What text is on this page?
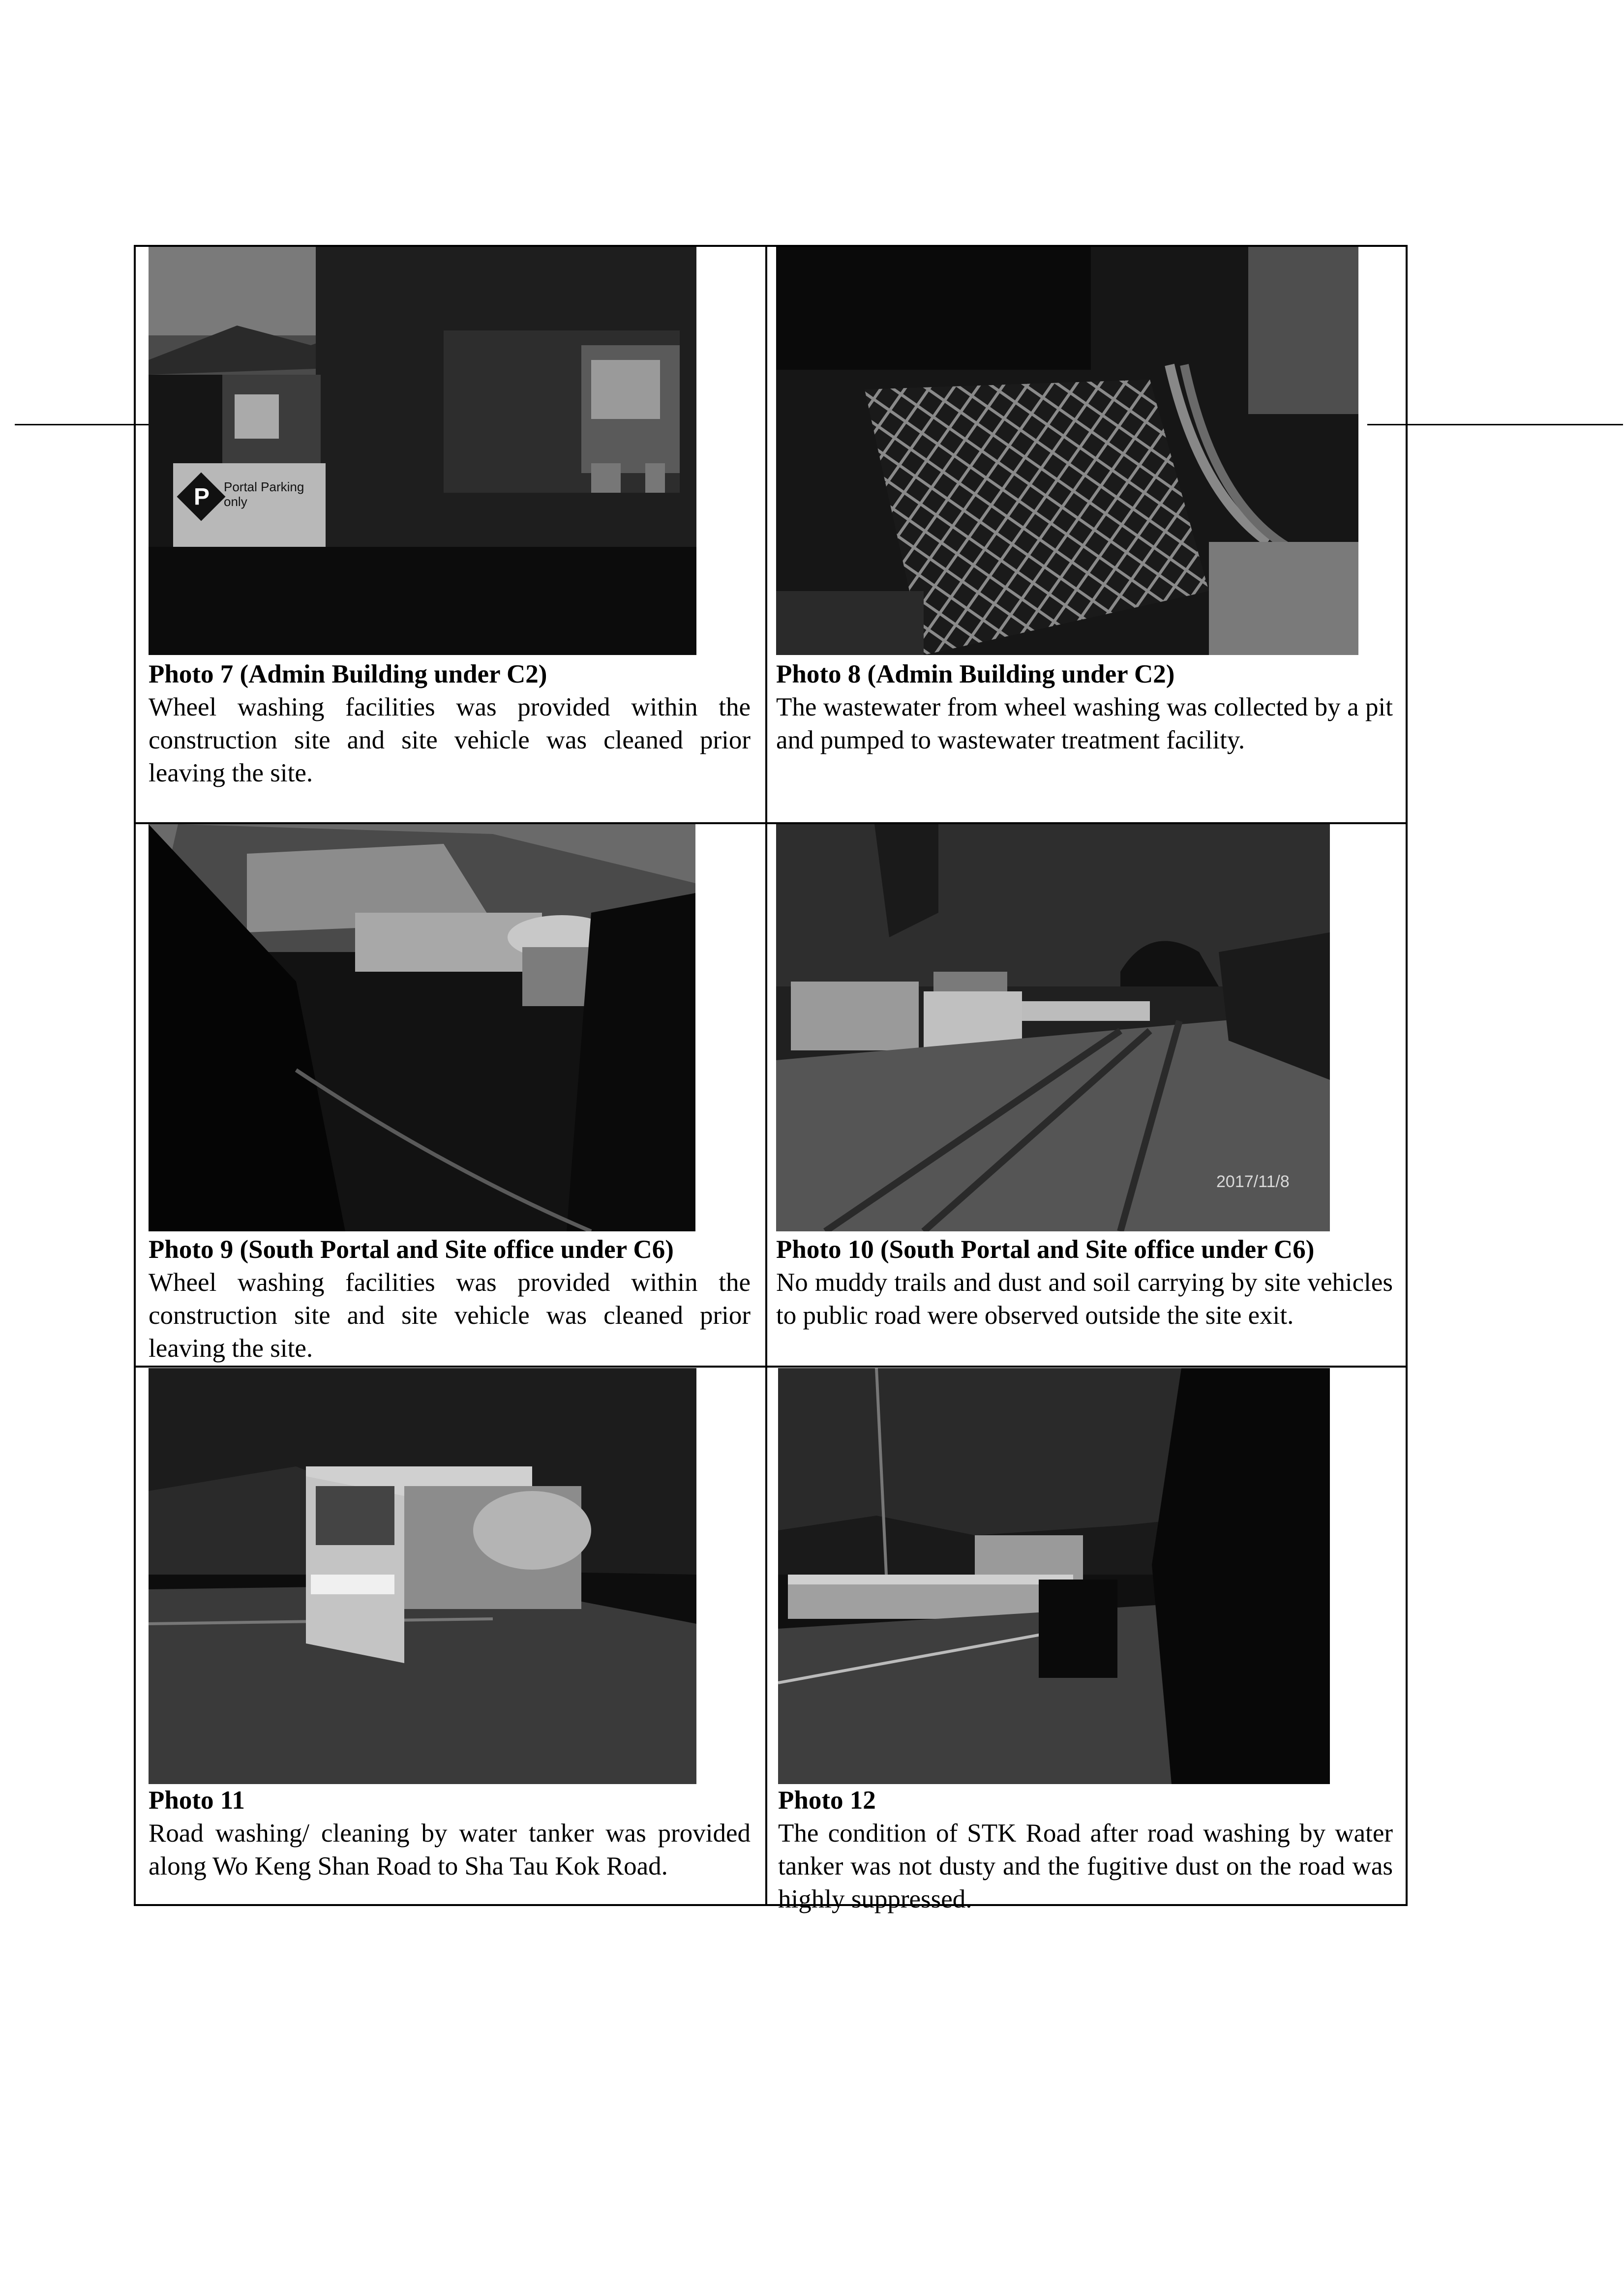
P Portal Parking
only
Photo 7 (Admin Building under C2)
Wheel washing facilities was provided within the construction site and site vehicle was cleaned prior leaving the site.
Photo 8 (Admin Building under C2)
The wastewater from wheel washing was collected by a pit and pumped to wastewater treatment facility.
Photo 9 (South Portal and Site office under C6)
Wheel washing facilities was provided within the construction site and site vehicle was cleaned prior leaving the site.
2017/11/8
Photo 10 (South Portal and Site office under C6)
No muddy trails and dust and soil carrying by site vehicles to public road were observed outside the site exit.
Photo 11
Road washing/ cleaning by water tanker was provided along Wo Keng Shan Road to Sha Tau Kok Road.
Photo 12
The condition of STK Road after road washing by water tanker was not dusty and the fugitive dust on the road was highly suppressed.
